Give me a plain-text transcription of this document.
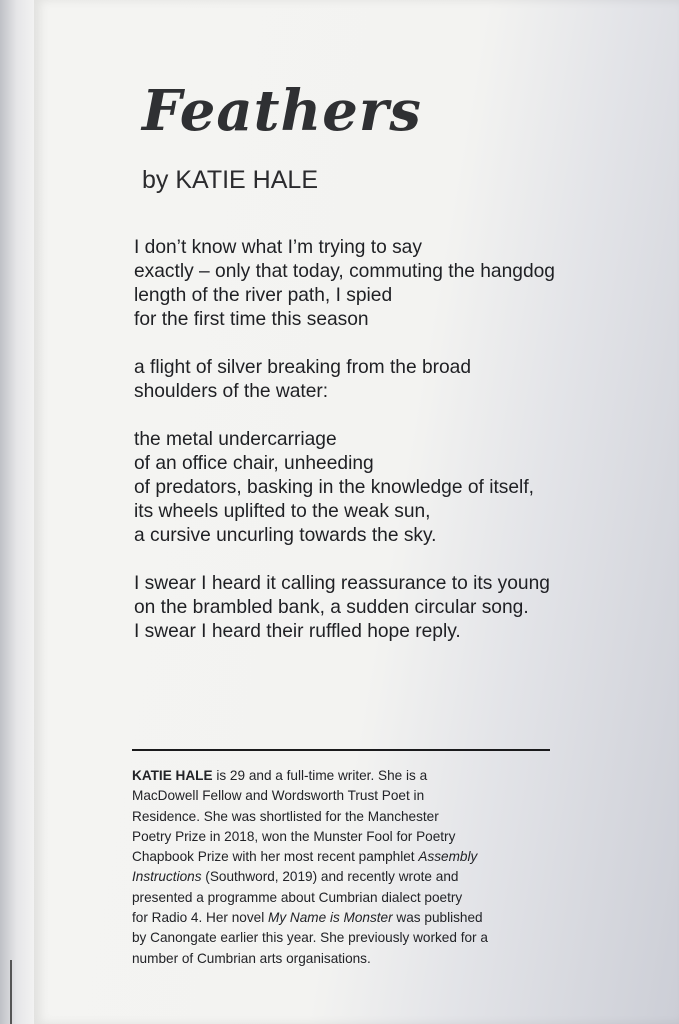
Feathers
by KATIE HALE

I don’t know what I’m trying to say
exactly – only that today, commuting the hangdog
length of the river path, I spied
for the first time this season

a flight of silver breaking from the broad
shoulders of the water:

the metal undercarriage
of an office chair, unheeding
of predators, basking in the knowledge of itself,
its wheels uplifted to the weak sun,
a cursive uncurling towards the sky.

I swear I heard it calling reassurance to its young
on the brambled bank, a sudden circular song.
I swear I heard their ruffled hope reply.

KATIE HALE is 29 and a full-time writer. She is a
MacDowell Fellow and Wordsworth Trust Poet in
Residence. She was shortlisted for the Manchester
Poetry Prize in 2018, won the Munster Fool for Poetry
Chapbook Prize with her most recent pamphlet Assembly
Instructions (Southword, 2019) and recently wrote and
presented a programme about Cumbrian dialect poetry
for Radio 4. Her novel My Name is Monster was published
by Canongate earlier this year. She previously worked for a
number of Cumbrian arts organisations.
